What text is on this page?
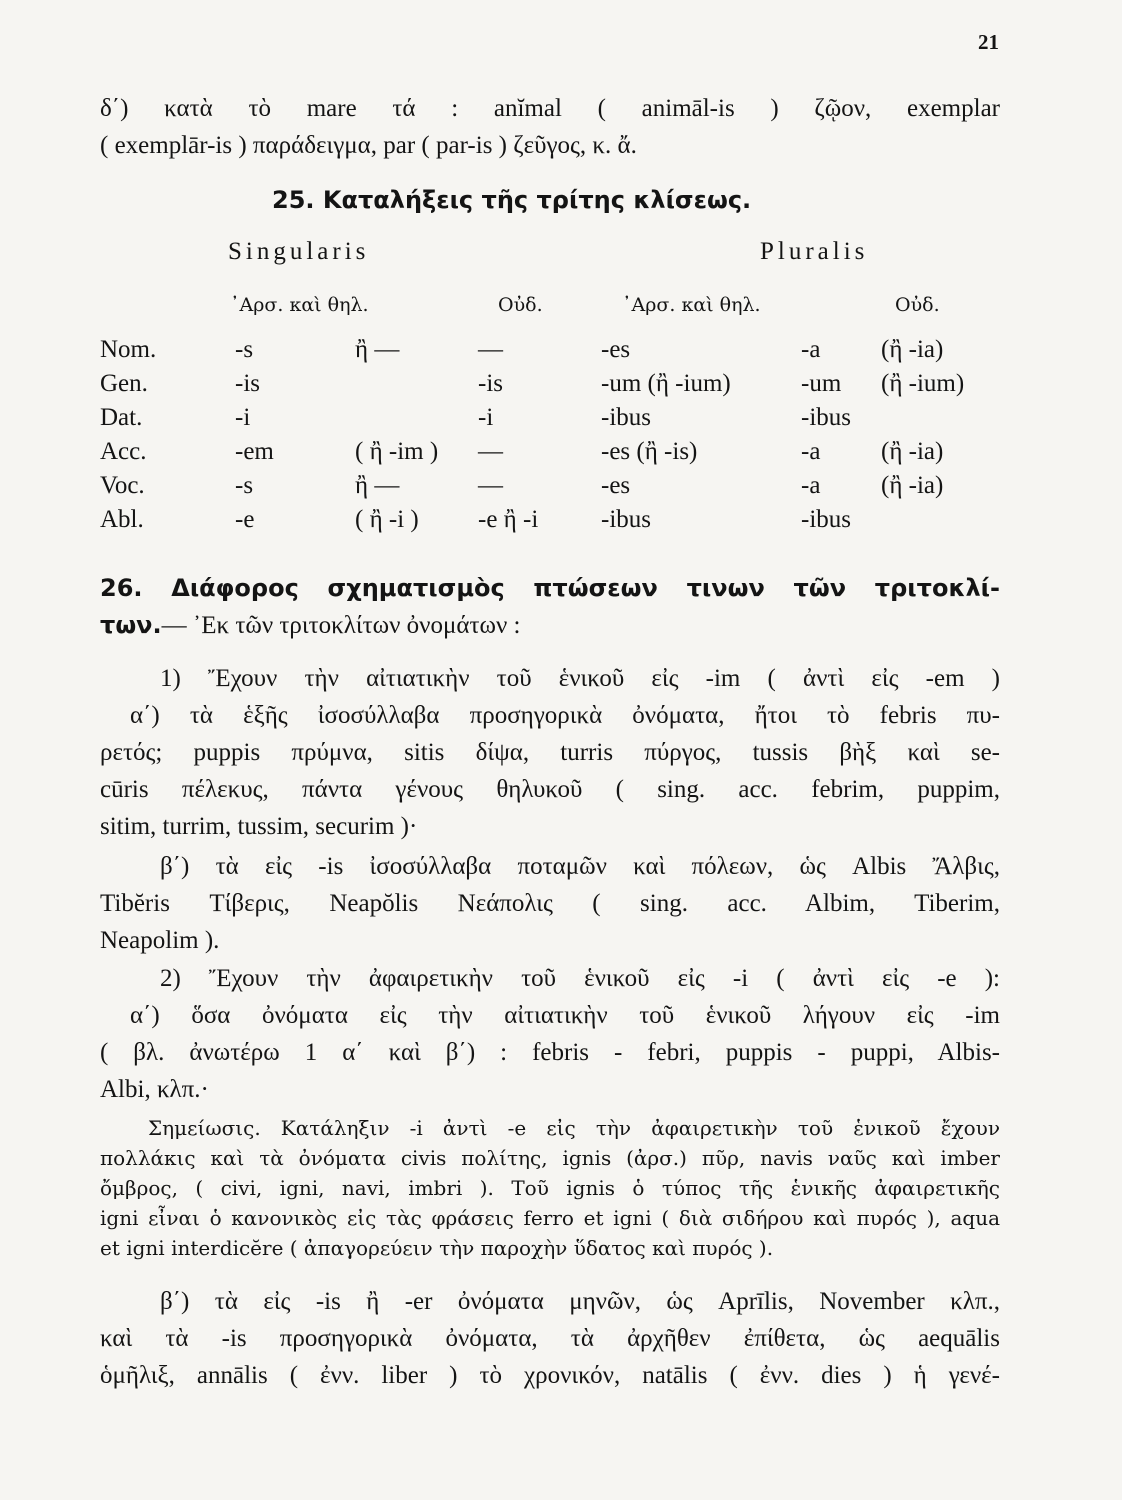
21
δ΄) κατὰ τὸ mare τά : anĭmal ( animāl-is ) ζῷον, exemplar
( exemplār-is ) παράδειγμα, par ( par-is ) ζεῦγος, κ. ἄ.
25. Καταλήξεις τῆς τρίτης κλίσεως.
Singularis	Pluralis
᾿Αρσ. καὶ θηλ.	Οὐδ.	᾿Αρσ. καὶ θηλ.	Οὐδ.
Nom.	-s	ἢ —	—	-es	-a	(ἢ -ia)
Gen.	-is		-is	-um (ἢ -ium)	-um	(ἢ -ium)
Dat.	-i		-i	-ibus	-ibus	
Acc.	-em	( ἢ -im )	—	-es (ἢ -is)	-a	(ἢ -ia)
Voc.	-s	ἢ —	—	-es	-a	(ἢ -ia)
Abl.	-e	( ἢ -i )	-e ἢ -i	-ibus	-ibus	
26. Διάφορος σχηματισμὸς πτώσεων τινων τῶν τριτοκλί-
των.— ᾿Εκ τῶν τριτοκλίτων ὀνομάτων :
1) Ἔχουν τὴν αἰτιατικὴν τοῦ ἑνικοῦ εἰς -im ( ἀντὶ εἰς -em )
α΄) τὰ ἑξῆς ἰσοσύλλαβα προσηγορικὰ ὀνόματα, ἤτοι τὸ febris πυ-
ρετός; puppis πρύμνα, sitis δίψα, turris πύργος, tussis βὴξ καὶ se-
cūris πέλεκυς, πάντα γένους θηλυκοῦ ( sing. acc. febrim, puppim,
sitim, turrim, tussim, securim )·
β΄) τὰ εἰς -is ἰσοσύλλαβα ποταμῶν καὶ πόλεων, ὡς Albis Ἄλβις,
Tibĕris Τίβερις, Neapŏlis Νεάπολις ( sing. acc. Albim, Tiberim,
Neapolim ).
2) Ἔχουν τὴν ἀφαιρετικὴν τοῦ ἑνικοῦ εἰς -i ( ἀντὶ εἰς -e ):
α΄) ὅσα ὀνόματα εἰς τὴν αἰτιατικὴν τοῦ ἑνικοῦ λήγουν εἰς -im
( βλ. ἀνωτέρω 1 α΄ καὶ β΄) : febris - febri, puppis - puppi, Albis-
Albi, κλπ.·
Σημείωσις. Κατάληξιν -i ἀντὶ -e εἰς τὴν ἀφαιρετικὴν τοῦ ἑνικοῦ ἔχουν
πολλάκις καὶ τὰ ὀνόματα civis πολίτης, ignis (ἀρσ.) πῦρ, navis ναῦς καὶ imber
ὄμβρος, ( civi, igni, navi, imbri ). Τοῦ ignis ὁ τύπος τῆς ἑνικῆς ἀφαιρετικῆς
igni εἶναι ὁ κανονικὸς εἰς τὰς φράσεις ferro et igni ( διὰ σιδήρου καὶ πυρός ), aqua
et igni interdicĕre ( ἀπαγορεύειν τὴν παροχὴν ὕδατος καὶ πυρός ).
β΄) τὰ εἰς -is ἢ -er ὀνόματα μηνῶν, ὡς Aprīlis, November κλπ.,
καὶ τὰ -is προσηγορικὰ ὀνόματα, τὰ ἀρχῆθεν ἐπίθετα, ὡς aequālis
ὁμῆλιξ, annālis ( ἐνν. liber ) τὸ χρονικόν, natālis ( ἐνν. dies ) ἡ γενέ-
